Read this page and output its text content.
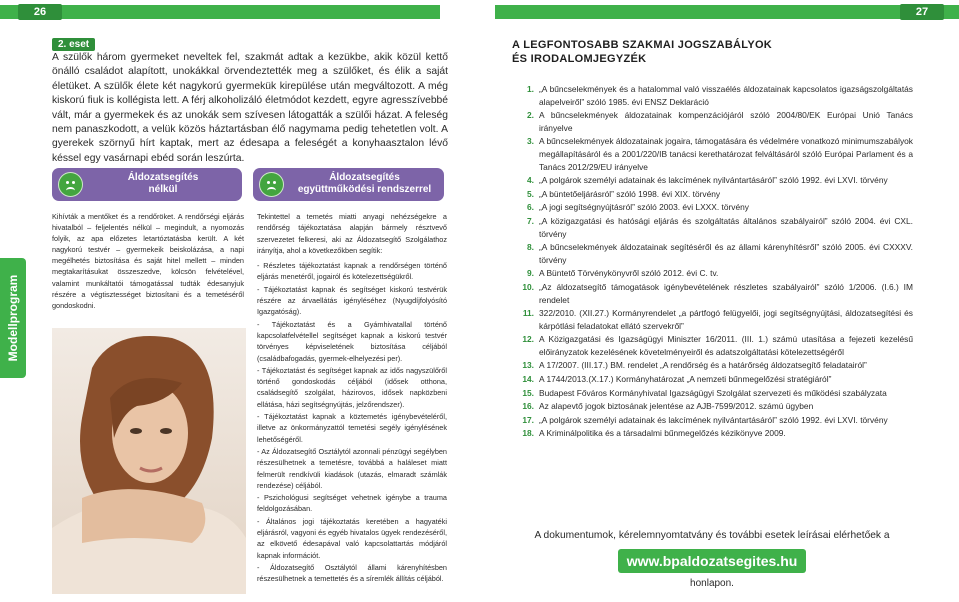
26	27
Modellprogram
2. eset
A szülők három gyermeket neveltek fel, szakmát adtak a kezükbe, akik közül kettő önálló családot alapított, unokákkal örvendeztették meg a szülőket, és élik a saját életüket. A szülők élete két nagykorú gyermekük kirepülése után megváltozott. A még kiskorú fiuk is kollégista lett. A férj alkoholizáló életmódot kezdett, egyre agresszívebbé vált, már a gyermekek és az unokák sem szívesen látogatták a szülői házat. A feleség nem panaszkodott, a velük közös háztartásban élő nagymama pedig tehetetlen volt. A gyerekek szörnyű hírt kaptak, mert az édesapa a feleségét a konyhaasztalon lévő késsel egy vasárnapi ebéd során leszúrta.
Áldozatsegítés
nélkül
Áldozatsegítés
együttműködési rendszerrel
Kihívták a mentőket és a rendőröket. A rendőrségi eljárás hivatalból – feljelentés nélkül – megindult, a nyomozás folyik, az apa előzetes letartóztatásba került. A két nagykorú testvér – gyermekeik beiskolázása, a napi megélhetés biztosítása és saját hitel mellett – minden megtakarításukat összeszedve, kölcsön felvételével, valamint munkáltatói támogatással tudták édesanyjuk részére a végtisztességet biztosítani és a temetéséről gondoskodni.

Tekintettel a temetés miatti anyagi nehézségekre a rendőrség tájékoztatása alapján bármely résztvevő szervezetet felkeresi, aki az Áldozatsegítő Szolgálathoz irányítja, ahol a következőkben segítik:

- Részletes tájékoztatást kapnak a rendőrségen történő eljárás menetéről, jogairól és kötelezettségükről.
- Tájékoztatást kapnak és segítséget kiskorú testvérük részére az árvaellátás igényléséhez (Nyugdíjfolyósító Igazgatóság).
- Tájékoztatást és a Gyámhivatallal történő kapcsolatfelvétellel segítséget kapnak a kiskorú testvér törvényes képviseletének biztosítása céljából (családbafogadás, gyermek-elhelyezési per).
- Tájékoztatást és segítséget kapnak az idős nagyszülőről történő gondoskodás céljából (idősek otthona, családsegítő szolgálat, házirovos, idősek napközbeni ellátása, házi segítségnyújtás, jelzőrendszer).
- Tájékoztatást kapnak a köztemetés igénybevételéről, illetve az önkormányzattól temetési segély igénylésének lehetőségéről.
- Az Áldozatsegítő Osztálytól azonnali pénzügyi segélyben részesülhetnek a temetésre, továbbá a haláleset miatt felmerült rendkívüli kiadások (utazás, elmaradt számlák rendezése) céljából.
- Pszichológusi segítséget vehetnek igénybe a trauma feldolgozásában.
- Általános jogi tájékoztatás keretében a hagyatéki eljárásról, vagyoni és egyéb hivatalos ügyek rendezéséről, az elkövető édesapával való kapcsolattartás módjáról kapnak információt.
- Áldozatsegítő Osztálytól állami kárenyhítésben részesülhetnek a temettetés és a síremlék állítás céljából.
A LEGFONTOSABB SZAKMAI JOGSZABÁLYOK
ÉS IRODALOMJEGYZÉK
1. „A bűncselekmények és a hatalommal való visszaélés áldozatainak kapcsolatos igazságszolgáltatás alapelveiről” szóló 1985. évi ENSZ Deklaráció
2. A bűncselekmények áldozatainak kompenzációjáról szóló 2004/80/EK Európai Unió Tanács irányelve
3. A bűncselekmények áldozatainak jogaira, támogatására és védelmére vonatkozó minimumszabályok megállapításáról és a 2001/220/IB tanácsi kerethatározat felváltásáról szóló Európai Parlament és a Tanács 2012/29/EU irányelve
4. „A polgárok személyi adatainak és lakcímének nyilvántartásáról” szóló 1992. évi LXVI. törvény
5. „A büntetőeljárásról” szóló 1998. évi XIX. törvény
6. „A jogi segítségnyújtásról” szóló 2003. évi LXXX. törvény
7. „A közigazgatási és hatósági eljárás és szolgáltatás általános szabályairól” szóló 2004. évi CXL. törvény
8. „A bűncselekmények áldozatainak segítéséről és az állami kárenyhítésről” szóló 2005. évi CXXXV. törvény
9. A Büntető Törvénykönyvről szóló 2012. évi C. tv.
10. „Az áldozatsegítő támogatások igénybevételének részletes szabályairól” szóló 1/2006. (I.6.) IM rendelet
11. 322/2010. (XII.27.) Kormányrendelet „a pártfogó felügyelői, jogi segítségnyújtási, áldozatsegítési és kárpótlási feladatokat ellátó szervekről”
12. A Közigazgatási és Igazságügyi Miniszter 16/2011. (III. 1.) számú utasítása a fejezeti kezelésű előirányzatok kezelésének követelményeiről és adatszolgáltatási kötelezettségéről
13. A 17/2007. (III.17.) BM. rendelet „A rendőrség és a határőrség áldozatsegítő feladatairól”
14. A 1744/2013.(X.17.) Kormányhatározat „A nemzeti bűnmegelőzési stratégiáról”
15. Budapest Főváros Kormányhivatal Igazságügyi Szolgálat szervezeti és működési szabályzata
16. Az alapevtő jogok biztosának jelentése az AJB-7599/2012. számú ügyben
17. „A polgárok személyi adatainak és lakcímének nyilvántartásáról” szóló 1992. évi LXVI. törvény
18. A Kriminálpolitika és a társadalmi bűnmegelőzés kézikönyve 2009.
A dokumentumok, kérelemnyomtatvány és további esetek leírásai elérhetőek a
www.bpaldozatsegites.hu
honlapon.
